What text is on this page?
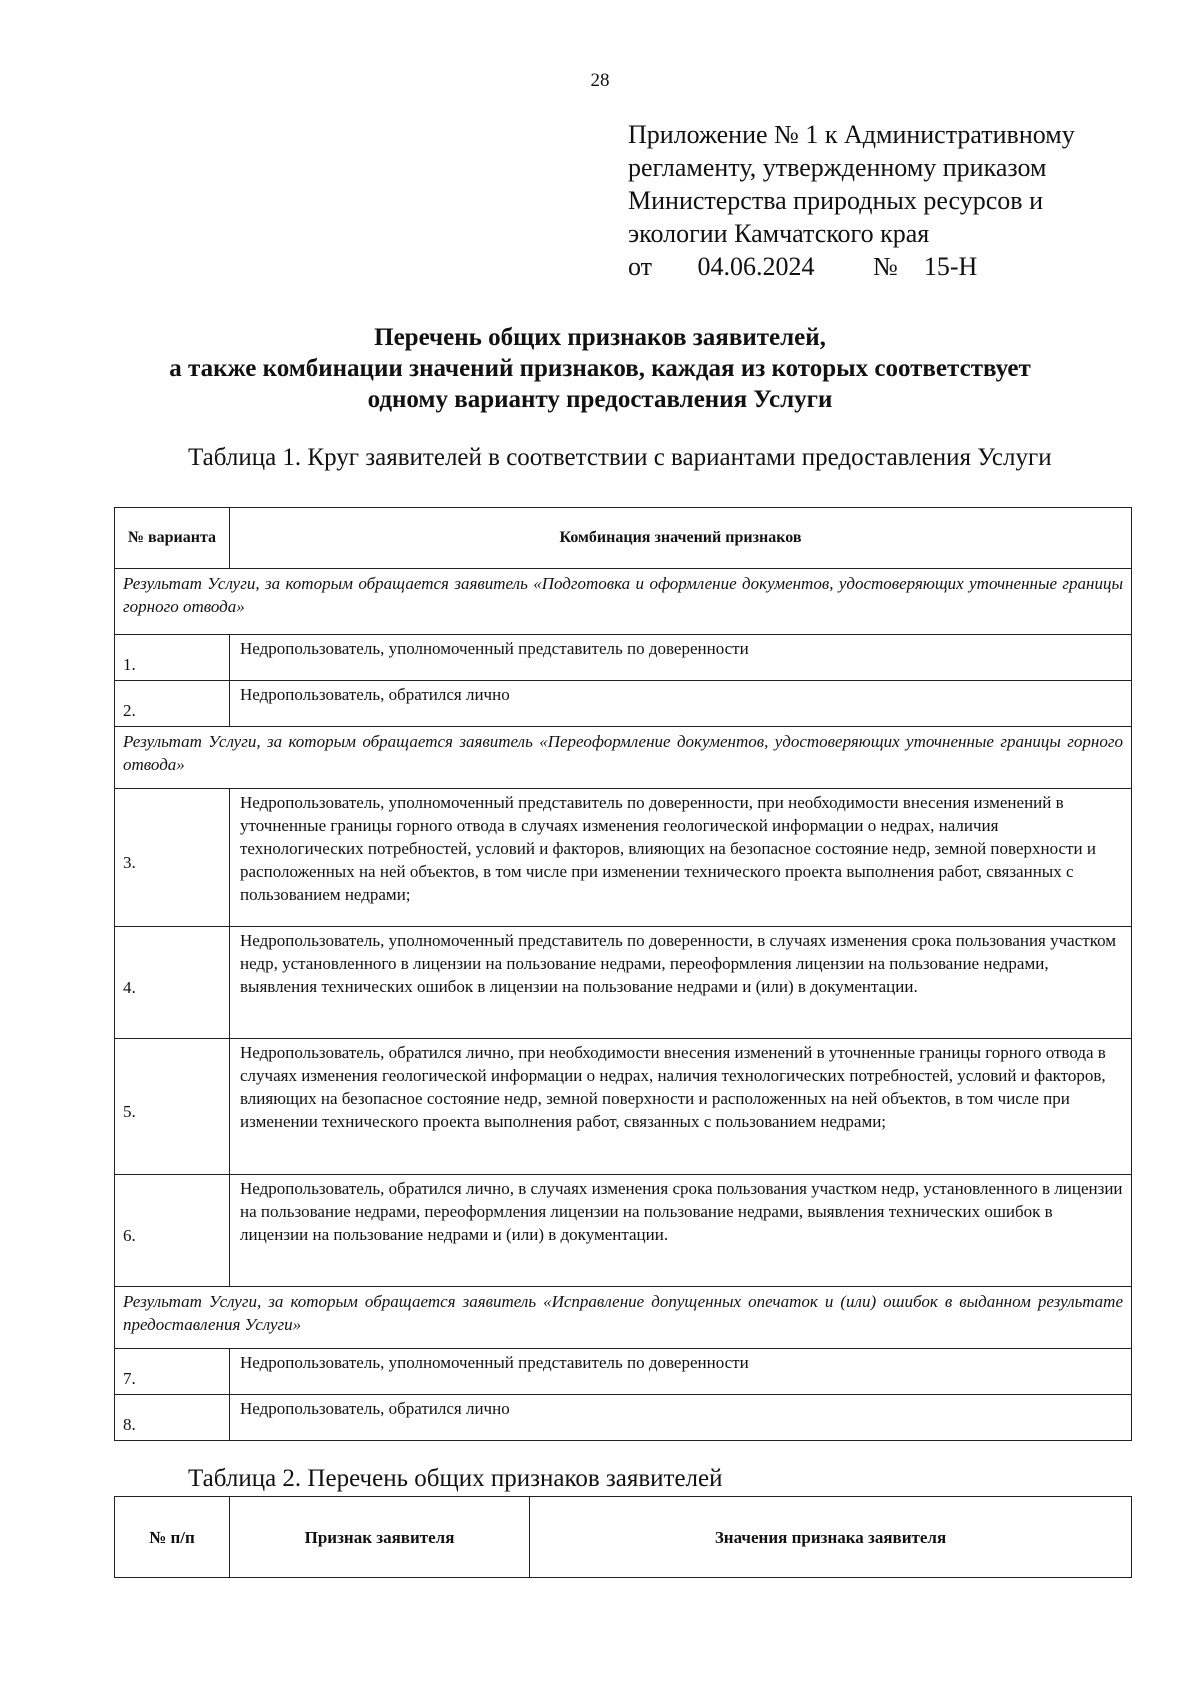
28
Приложение № 1 к Административному
регламенту, утвержденному приказом
Министерства природных ресурсов и
экологии Камчатского края
от 04.06.2024 № 15-Н
Перечень общих признаков заявителей,
а также комбинации значений признаков, каждая из которых соответствует
одному варианту предоставления Услуги
Таблица 1. Круг заявителей в соответствии с вариантами предоставления Услуги
№ варианта	Комбинация значений признаков
Результат Услуги, за которым обращается заявитель «Подготовка и оформление документов, удостоверяющих уточненные границы горного отвода»	
1.	Недропользователь, уполномоченный представитель по доверенности
2.	Недропользователь, обратился лично
Результат Услуги, за которым обращается заявитель «Переоформление документов, удостоверяющих уточненные границы горного отвода»	
3.	Недропользователь, уполномоченный представитель по доверенности, при необходимости внесения изменений в уточненные границы горного отвода в случаях изменения геологической информации о недрах, наличия технологических потребностей, условий и факторов, влияющих на безопасное состояние недр, земной поверхности и расположенных на ней объектов, в том числе при изменении технического проекта выполнения работ, связанных с пользованием недрами;
4.	Недропользователь, уполномоченный представитель по доверенности, в случаях изменения срока пользования участком недр, установленного в лицензии на пользование недрами, переоформления лицензии на пользование недрами, выявления технических ошибок в лицензии на пользование недрами и (или) в документации.
5.	Недропользователь, обратился лично, при необходимости внесения изменений в уточненные границы горного отвода в случаях изменения геологической информации о недрах, наличия технологических потребностей, условий и факторов, влияющих на безопасное состояние недр, земной поверхности и расположенных на ней объектов, в том числе при изменении технического проекта выполнения работ, связанных с пользованием недрами;
6.	Недропользователь, обратился лично, в случаях изменения срока пользования участком недр, установленного в лицензии на пользование недрами, переоформления лицензии на пользование недрами, выявления технических ошибок в лицензии на пользование недрами и (или) в документации.
Результат Услуги, за которым обращается заявитель «Исправление допущенных опечаток и (или) ошибок в выданном результате предоставления Услуги»	
7.	Недропользователь, уполномоченный представитель по доверенности
8.	Недропользователь, обратился лично
Таблица 2. Перечень общих признаков заявителей
№ п/п	Признак заявителя	Значения признака заявителя
